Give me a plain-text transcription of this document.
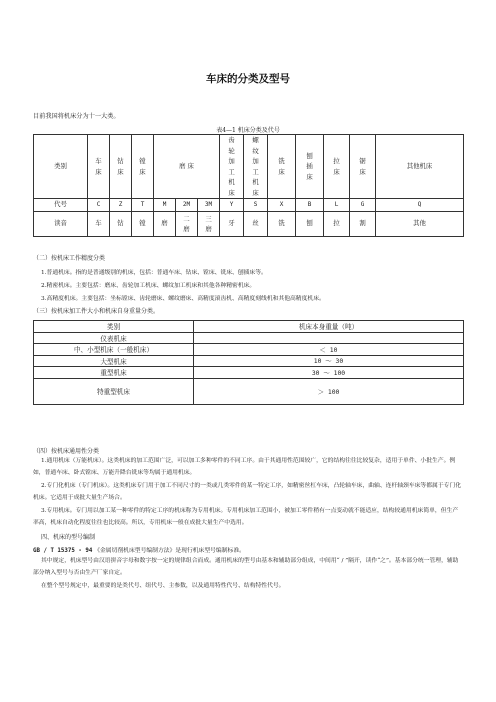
车床的分类及型号
目前我国将机床分为十一大类。
表4—1 机床分类及代号
类别	车床	钻床	镗床	磨 床			齿轮加工机床	螺纹加工机床	铣床	刨插床	拉床	锯床	其他机床
代号	C	Z	T	M	2M	3M	Y	S	X	B	L	G	Q
读音	车	钻	镗	磨	二磨	三磨	牙	丝	铣	刨	拉	割	其他
（二）按机床工作精度分类
1.普通机床。指的是普通级别的机床，包括：普通车床、钻床、镗床、铣床、刨插床等。
2.精密机床。主要包括：磨床、齿轮加工机床、螺纹加工机床和其他各种精密机床。
3.高精度机床。主要包括：坐标镗床、齿轮磨床、螺纹磨床、高精度滚齿机、高精度刻线机和其他高精度机床。
（三）按机床加工件大小和机床自身重量分类。
类别	机床本身重量（吨）
仪表机床	
中、小型机床（一般机床）	＜ 10
大型机床	10 ～ 30
重型机床	30 ～ 100
特重型机床	＞ 100
（四）按机床通用性分类
1.通用机床（万能机床）。这类机床的加工范围广泛，可以加工多种零件的不同工序。由于其通用性范围较广，它的结构往往比较复杂，适用于单件、小批生产。例如，普通车床、卧式镗床、万能升降台铣床等均属于通用机床。
2.专门化机床（专门机床）。这类机床专门用于加工不同尺寸的一类或几类零件的某一特定工序，如精密丝杠车床，凸轮轴车床，曲轴、连杆轴颈车床等都属于专门化机床。它适用于成批大量生产场合。
3.专用机床。专门用以加工某一种零件的特定工序的机床称为专用机床。专用机床加工范围小，被加工零件稍有一点变动就不能适应，结构较通用机床简单，但生产率高，机床自动化程度往往也比较高。所以，专用机床一般在成批大量生产中选用。
四、机床的型号编制
GB / T 15375 - 94 《金属切削机床型号编制方法》是现行机床型号编制标准。
其中规定，机床型号由汉语拼音字母和数字按一定的规律组合而成。通用机床的型号由基本和辅助部分组成，中间用“ / ”隔开，读作“之”。基本部分统一管理，辅助部分纳入型号与否由生产厂家自定。
在整个型号规定中，最重要的是类代号、组代号、主参数，以及通用特性代号、结构特性代号。
